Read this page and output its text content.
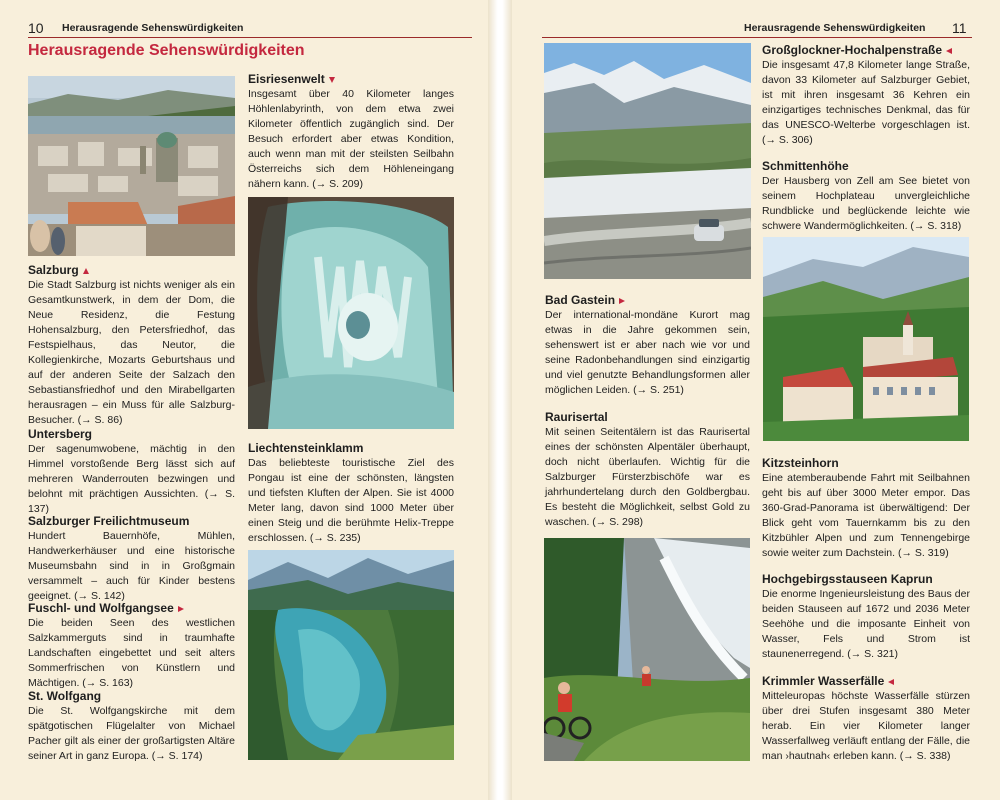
10 Herausragende Sehenswürdigkeiten
Herausragende Sehenswürdigkeiten
Salzburg
Die Stadt Salzburg ist nichts weniger als ein Gesamtkunstwerk, in dem der Dom, die Neue Residenz, die Festung Hohensalzburg, den Petersfriedhof, das Festspielhaus, das Neutor, die Kollegienkirche, Mozarts Geburtshaus und auf der anderen Seite der Salzach den Sebastiansfriedhof und den Mirabellgarten herausragen – ein Muss für alle Salzburg-Besucher. (→ S. 86)
Untersberg
Der sagenumwobene, mächtig in den Himmel vorstoßende Berg lässt sich auf mehreren Wanderrouten bezwingen und belohnt mit prächtigen Aussichten. (→ S. 137)
Salzburger Freilichtmuseum
Hundert Bauernhöfe, Mühlen, Handwerkerhäuser und eine historische Museumsbahn sind in in Großgmain versammelt – auch für Kinder bestens geeignet. (→ S. 142)
Fuschl- und Wolfgangsee
Die beiden Seen des westlichen Salzkammerguts sind in traumhafte Landschaften eingebettet und seit alters Sommerfrischen von Künstlern und Mächtigen. (→ S. 163)
St. Wolfgang
Die St. Wolfgangskirche mit dem spätgotischen Flügelalter von Michael Pacher gilt als einer der großartigsten Altäre seiner Art in ganz Europa. (→ S. 174)
Eisriesenwelt
Insgesamt über 40 Kilometer langes Höhlenlabyrinth, von dem etwa zwei Kilometer öffentlich zugänglich sind. Der Besuch erfordert aber etwas Kondition, auch wenn man mit der steilsten Seilbahn Österreichs sich dem Höhleneingang nähern kann. (→ S. 209)
Liechtensteinklamm
Das beliebteste touristische Ziel des Pongau ist eine der schönsten, längsten und tiefsten Kluften der Alpen. Sie ist 4000 Meter lang, davon sind 1000 Meter über einen Steig und die berühmte Helix-Treppe erschlossen. (→ S. 235)
Herausragende Sehenswürdigkeiten 11
Großglockner-Hochalpenstraße
Die insgesamt 47,8 Kilometer lange Straße, davon 33 Kilometer auf Salzburger Gebiet, ist mit ihren insgesamt 36 Kehren ein einzigartiges technisches Denkmal, das für das UNESCO-Welterbe vorgeschlagen ist. (→ S. 306)
Schmittenhöhe
Der Hausberg von Zell am See bietet von seinem Hochplateau unvergleichliche Rundblicke und beglückende leichte wie schwere Wandermöglichkeiten. (→ S. 318)
Bad Gastein
Der international-mondäne Kurort mag etwas in die Jahre gekommen sein, sehenswert ist er aber nach wie vor und seine Radonbehandlungen sind einzigartig und viel genutzte Behandlungsformen aller möglichen Leiden. (→ S. 251)
Raurisertal
Mit seinen Seitentälern ist das Raurisertal eines der schönsten Alpentäler überhaupt, doch nicht überlaufen. Wichtig für die Salzburger Fürsterzbischöfe war es jahrhundertelang durch den Goldbergbau. Es besteht die Möglichkeit, selbst Gold zu waschen. (→ S. 298)
Kitzsteinhorn
Eine atemberaubende Fahrt mit Seilbahnen geht bis auf über 3000 Meter empor. Das 360-Grad-Panorama ist überwältigend: Der Blick geht vom Tauernkamm bis zu den Kitzbühler Alpen und zum Tennengebirge sowie weiter zum Dachstein. (→ S. 319)
Hochgebirgsstauseen Kaprun
Die enorme Ingenieursleistung des Baus der beiden Stauseen auf 1672 und 2036 Meter Seehöhe und die imposante Einheit von Wasser, Fels und Strom ist staunenerregend. (→ S. 321)
Krimmler Wasserfälle
Mitteleuropas höchste Wasserfälle stürzen über drei Stufen insgesamt 380 Meter herab. Ein vier Kilometer langer Wasserfallweg verläuft entlang der Fälle, die man ›hautnah‹ erleben kann. (→ S. 338)
